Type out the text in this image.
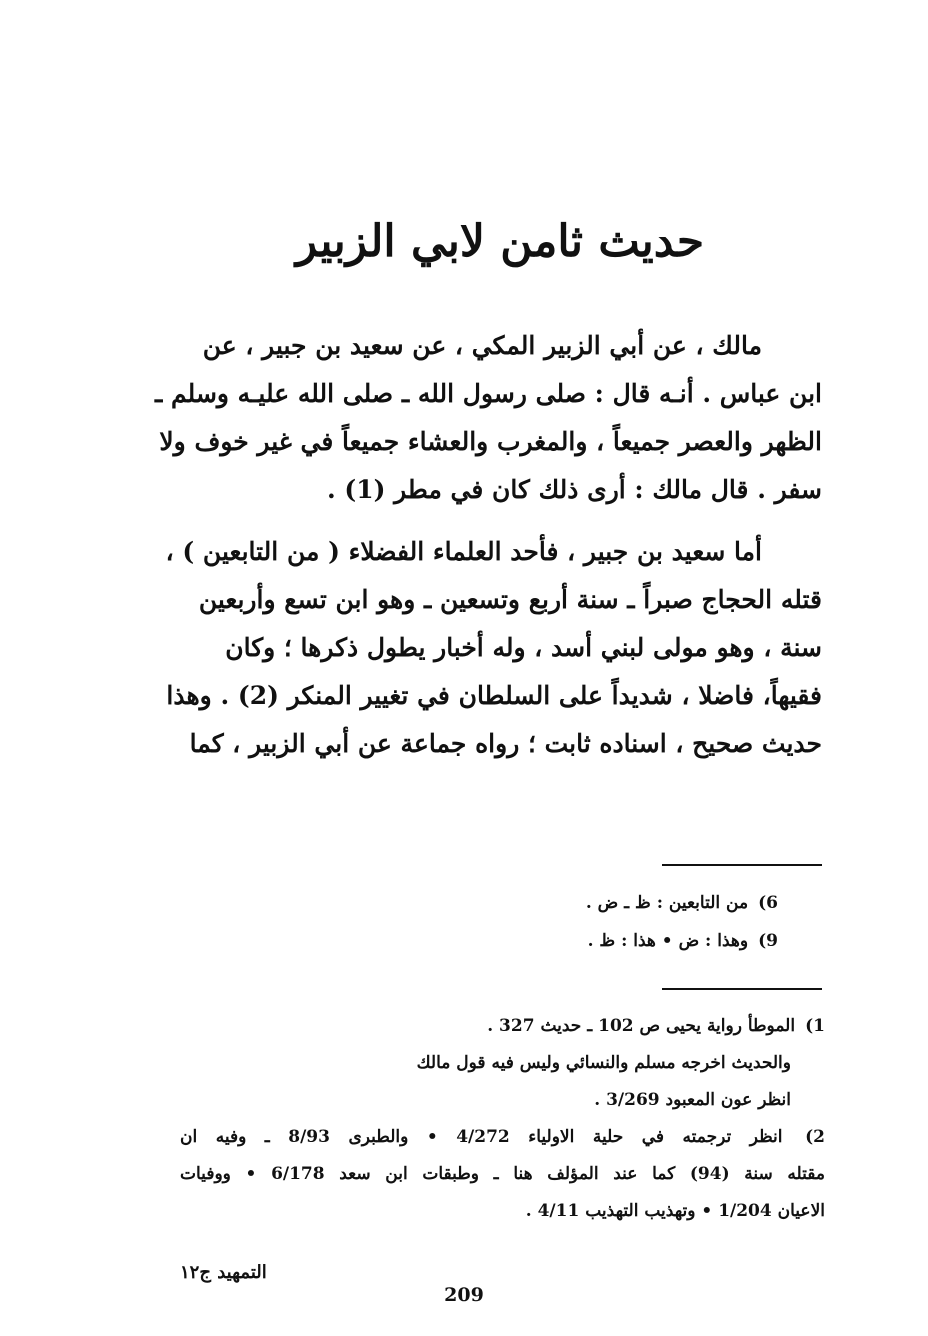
حديث ثامن لابي الزبير
مالك ، عن أبي الزبير المكي ، عن سعيد بن جبير ، عن
ابن عباس . أنـه قال : صلى رسول الله ـ صلى الله عليـه وسلم ـ
الظهر والعصر جميعاً ، والمغرب والعشاء جميعاً في غير خوف ولا
سفر . قال مالك : أرى ذلك كان في مطر (1) .
أما سعيد بن جبير ، فأحد العلماء الفضلاء ( من التابعين ) ،
قتله الحجاج صبراً ـ سنة أربع وتسعين ـ وهو ابن تسع وأربعين
سنة ، وهو مولى لبني أسد ، وله أخبار يطول ذكرها ؛ وكان
فقيهاً، فاضلا ، شديداً على السلطان في تغيير المنكر (2) . وهذا
حديث صحيح ، اسناده ثابت ؛ رواه جماعة عن أبي الزبير ، كما
6) من التابعين : ظ ـ ض .
9) وهذا : ض • هذا : ظ .
1) الموطأ رواية يحيى ص 102 ـ حديث 327 .
والحديث اخرجه مسلم والنسائي وليس فيه قول مالك
انظر عون المعبود 3/269 .
2) انظر ترجمته في حلية الاولياء 4/272 • والطبرى 8/93 ـ وفيه ان
مقتله سنة (94) كما عند المؤلف هنا ـ وطبقات ابن سعد 6/178 • ووفيات
الاعيان 1/204 • وتهذيب التهذيب 4/11 .
التمهيد ج١٢
209
